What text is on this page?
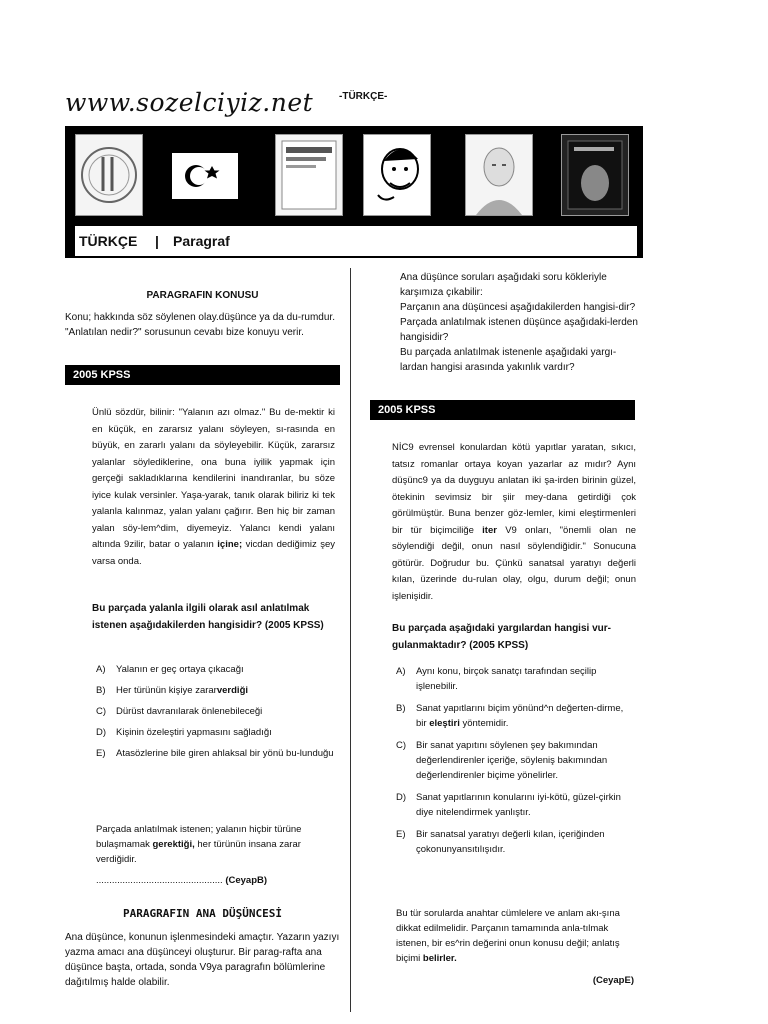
www.sozelciyiz.net	-TÜRKÇE-
TÜRKÇE | Paragraf
PARAGRAFIN KONUSU
Konu; hakkında söz söylenen olay.düşünce ya da du-rumdur. "Anlatılan nedir?" sorusunun cevabı bize konuyu verir.
2005 KPSS
Ünlü sözdür, bilinir: "Yalanın azı olmaz." Bu de-mektir ki en küçük, en zararsız yalanı söyleyen, sı-rasında en büyük, en zararlı yalanı da söyleyebilir. Küçük, zararsız yalanlar söylediklerine, ona buna iyilik yapmak için gerçeği sakladıklarına kendilerini inandıranlar, bu söze iyice kulak versinler. Yaşa-yarak, tanık olarak biliriz ki tek yalanla kalınmaz, yalan yalanı çağırır. Ben hiç bir zaman yalan söy-lem^dim, diyemeyiz. Yalancı kendi yalanı altında 9zilir, batar o yalanın içine; vicdan dediğimiz şey varsa onda.
Bu parçada yalanla ilgili olarak asıl anlatılmak istenen aşağıdakilerden hangisidir? (2005 KPSS)
A)	Yalanın er geç ortaya çıkacağı
B)	Her türünün kişiye zararverdiği
C)	Dürüst davranılarak önlenebileceği
D)	Kişinin özeleştiri yapmasını sağladığı
E)	Atasözlerine bile giren ahlaksal bir yönü bu-lunduğu
Parçada anlatılmak istenen; yalanın hiçbir türüne bulaşmamak gerektiği, her türünün insana zarar verdiğidir.
................................................ (CeyapB)
PARAGRAFIN ANA DÜŞÜNCESİ
Ana düşünce, konunun işlenmesindeki amaçtır. Yazarın yazıyı yazma amacı ana düşünceyi oluşturur. Bir parag-rafta ana düşünce başta, ortada, sonda V9ya paragrafın bölümlerine dağıtılmış halde olabilir.
Ana düşünce soruları aşağıdaki soru kökleriyle karşımıza çıkabilir:
Parçanın ana düşüncesi aşağıdakilerden hangisi-dir?
Parçada anlatılmak istenen düşünce aşağıdaki-lerden hangisidir?
Bu parçada anlatılmak istenenle aşağıdaki yargı-lardan hangisi arasında yakınlık vardır?
2005 KPSS
NİC9 evrensel konulardan kötü yapıtlar yaratan, sıkıcı, tatsız romanlar ortaya koyan yazarlar az mıdır? Aynı düşünc9 ya da duyguyu anlatan iki şa-irden birinin güzel, ötekinin sevimsiz bir şiir mey-dana getirdiği çok görülmüştür. Buna benzer göz-lemler, kimi eleştirmenleri bir tür biçimciliğe iter V9 onları, "önemli olan ne söylendiği değil, onun nasıl söylendiğidir." Sonucuna götürür. Doğrudur bu. Çünkü sanatsal yaratıyı değerli kılan, üzerinde du-rulan olay, olgu, durum değil; onun işlenişidir.
Bu parçada aşağıdaki yargılardan hangisi vur-gulanmaktadır? (2005 KPSS)
A)	Aynı konu, birçok sanatçı tarafından seçilip işlenebilir.
B)	Sanat yapıtlarını biçim yönünd^n değerten-dirme, bir eleştiri yöntemidir.
C)	Bir sanat yapıtını söylenen şey bakımından değerlendirenler içeriğe, söyleniş bakımından değerlendirenler biçime yönelirler.
D)	Sanat yapıtlarının konularını iyi-kötü, güzel-çirkin diye nitelendirmek yanlıştır.
E)	Bir sanatsal yaratıyı değerli kılan, içeriğinden çokonunyansıtılışıdır.
Bu tür sorularda anahtar cümlelere ve anlam akı-şına dikkat edilmelidir. Parçanın tamamında anla-tılmak istenen, bir es^rin değerini onun konusu değil; anlatış biçimi belirler.
(CeyapE)
